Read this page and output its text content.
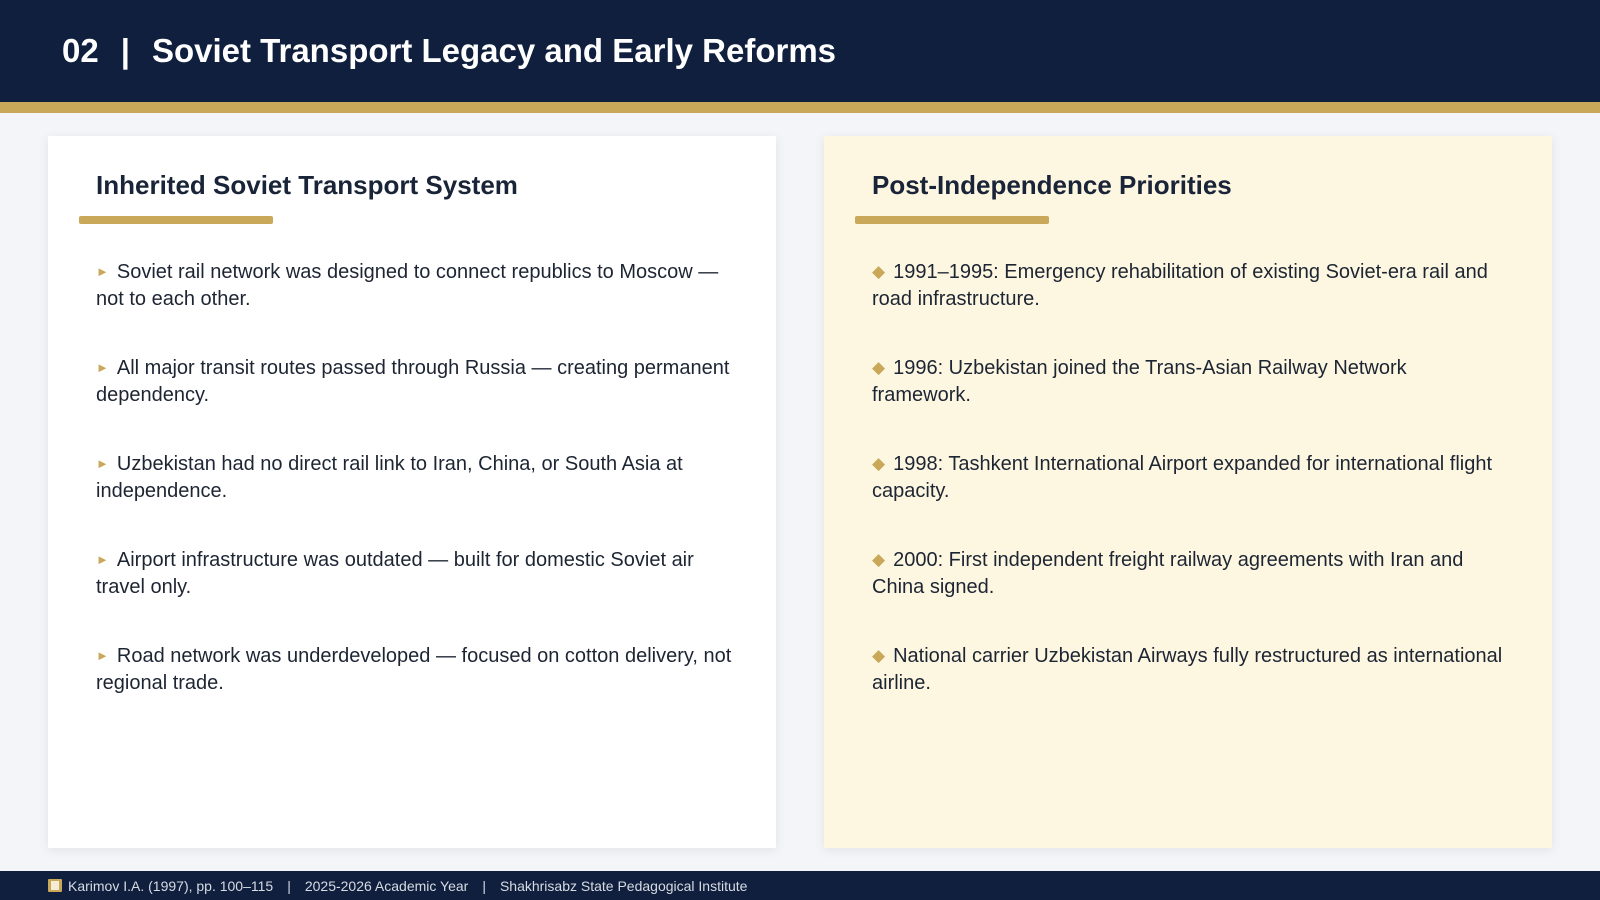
02 | Soviet Transport Legacy and Early Reforms
Inherited Soviet Transport System
► Soviet rail network was designed to connect republics to Moscow — not to each other.
► All major transit routes passed through Russia — creating permanent dependency.
► Uzbekistan had no direct rail link to Iran, China, or South Asia at independence.
► Airport infrastructure was outdated — built for domestic Soviet air travel only.
► Road network was underdeveloped — focused on cotton delivery, not regional trade.
Post-Independence Priorities
◆ 1991–1995: Emergency rehabilitation of existing Soviet-era rail and road infrastructure.
◆ 1996: Uzbekistan joined the Trans-Asian Railway Network framework.
◆ 1998: Tashkent International Airport expanded for international flight capacity.
◆ 2000: First independent freight railway agreements with Iran and China signed.
◆ National carrier Uzbekistan Airways fully restructured as international airline.
Karimov I.A. (1997), pp. 100–115 | 2025-2026 Academic Year | Shakhrisabz State Pedagogical Institute
